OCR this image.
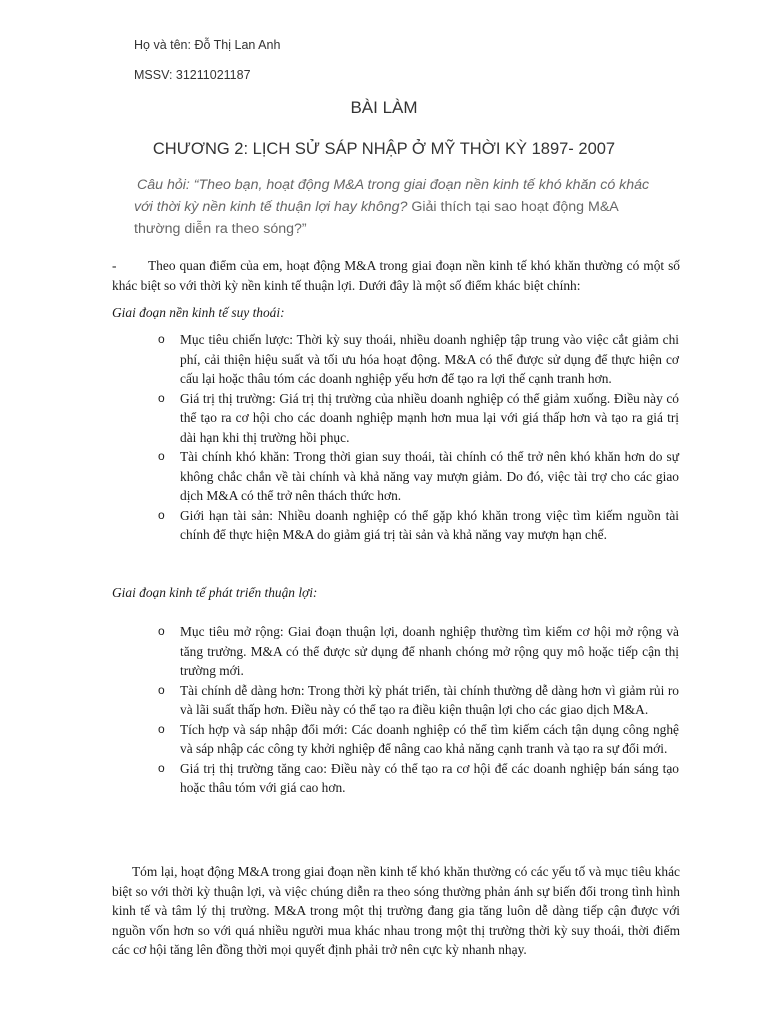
Họ và tên: Đỗ Thị Lan Anh
MSSV: 31211021187
BÀI LÀM
CHƯƠNG 2: LỊCH SỬ SÁP NHẬP Ở MỸ THỜI KỲ 1897- 2007
Câu hỏi: “Theo bạn, hoạt động M&A trong giai đoạn nền kinh tế khó khăn có khác với thời kỳ nền kinh tế thuận lợi hay không? Giải thích tại sao hoạt động M&A thường diễn ra theo sóng?”
-	Theo quan điểm của em, hoạt động M&A trong giai đoạn nền kinh tế khó khăn thường có một số khác biệt so với thời kỳ nền kinh tế thuận lợi. Dưới đây là một số điểm khác biệt chính:

Giai đoạn nền kinh tế suy thoái:
o Mục tiêu chiến lược: Thời kỳ suy thoái, nhiều doanh nghiệp tập trung vào việc cắt giảm chi phí, cải thiện hiệu suất và tối ưu hóa hoạt động. M&A có thể được sử dụng để thực hiện cơ cấu lại hoặc thâu tóm các doanh nghiệp yếu hơn để tạo ra lợi thế cạnh tranh hơn.
o Giá trị thị trường: Giá trị thị trường của nhiều doanh nghiệp có thể giảm xuống. Điều này có thể tạo ra cơ hội cho các doanh nghiệp mạnh hơn mua lại với giá thấp hơn và tạo ra giá trị dài hạn khi thị trường hồi phục.
o Tài chính khó khăn: Trong thời gian suy thoái, tài chính có thể trở nên khó khăn hơn do sự không chắc chắn về tài chính và khả năng vay mượn giảm. Do đó, việc tài trợ cho các giao dịch M&A có thể trở nên thách thức hơn.
o Giới hạn tài sản: Nhiều doanh nghiệp có thể gặp khó khăn trong việc tìm kiếm nguồn tài chính để thực hiện M&A do giảm giá trị tài sản và khả năng vay mượn hạn chế.
Giai đoạn kinh tế phát triển thuận lợi:
o Mục tiêu mở rộng: Giai đoạn thuận lợi, doanh nghiệp thường tìm kiếm cơ hội mở rộng và tăng trưởng. M&A có thể được sử dụng để nhanh chóng mở rộng quy mô hoặc tiếp cận thị trường mới.
o Tài chính dễ dàng hơn: Trong thời kỳ phát triển, tài chính thường dễ dàng hơn vì giảm rủi ro và lãi suất thấp hơn. Điều này có thể tạo ra điều kiện thuận lợi cho các giao dịch M&A.
o Tích hợp và sáp nhập đổi mới: Các doanh nghiệp có thể tìm kiếm cách tận dụng công nghệ và sáp nhập các công ty khởi nghiệp để nâng cao khả năng cạnh tranh và tạo ra sự đổi mới.
o Giá trị thị trường tăng cao: Điều này có thể tạo ra cơ hội để các doanh nghiệp bán sáng tạo hoặc thâu tóm với giá cao hơn.

Tóm lại, hoạt động M&A trong giai đoạn nền kinh tế khó khăn thường có các yếu tố và mục tiêu khác biệt so với thời kỳ thuận lợi, và việc chúng diễn ra theo sóng thường phản ánh sự biến đổi trong tình hình kinh tế và tâm lý thị trường. M&A trong một thị trường đang gia tăng luôn dễ dàng tiếp cận được với nguồn vốn hơn so với quá nhiều người mua khác nhau trong một thị trường thời kỳ suy thoái, thời điểm các cơ hội tăng lên đồng thời mọi quyết định phải trở nên cực kỳ nhanh nhạy.
